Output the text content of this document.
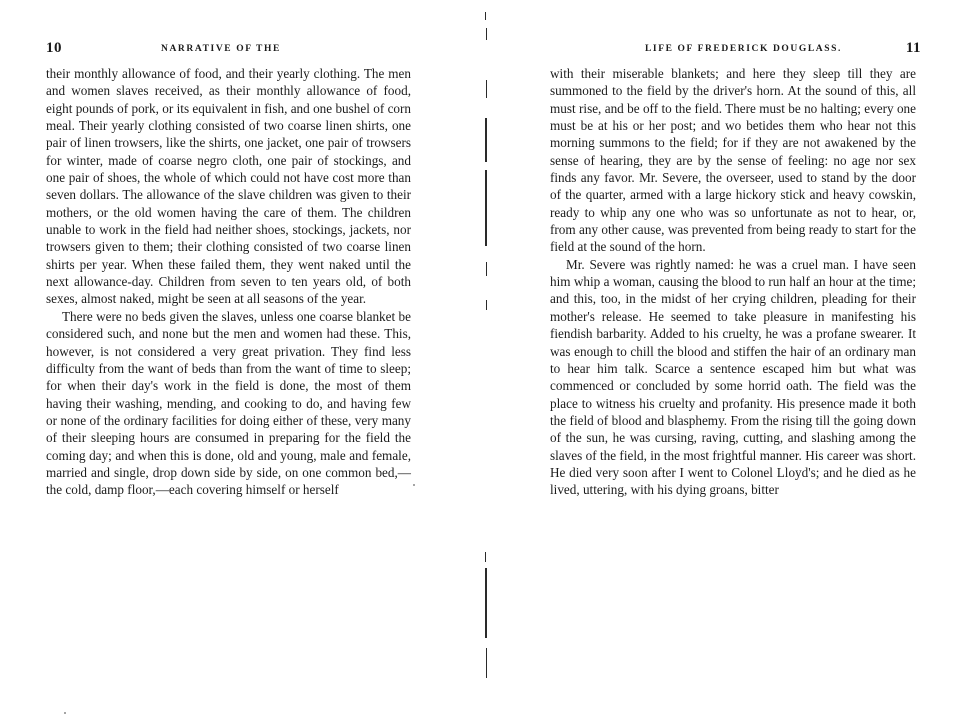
10	NARRATIVE OF THE

their monthly allowance of food, and their yearly clothing. The men and women slaves received, as their monthly allowance of food, eight pounds of pork, or its equivalent in fish, and one bushel of corn meal. Their yearly clothing consisted of two coarse linen shirts, one pair of linen trowsers, like the shirts, one jacket, one pair of trowsers for winter, made of coarse negro cloth, one pair of stockings, and one pair of shoes, the whole of which could not have cost more than seven dollars. The allowance of the slave children was given to their mothers, or the old women having the care of them. The children unable to work in the field had neither shoes, stockings, jackets, nor trowsers given to them; their clothing consisted of two coarse linen shirts per year. When these failed them, they went naked until the next allowance-day. Children from seven to ten years old, of both sexes, almost naked, might be seen at all seasons of the year.

There were no beds given the slaves, unless one coarse blanket be considered such, and none but the men and women had these. This, however, is not considered a very great privation. They find less difficulty from the want of beds than from the want of time to sleep; for when their day's work in the field is done, the most of them having their washing, mending, and cooking to do, and having few or none of the ordinary facilities for doing either of these, very many of their sleeping hours are consumed in preparing for the field the coming day; and when this is done, old and young, male and female, married and single, drop down side by side, on one common bed,— the cold, damp floor,—each covering himself or herself

LIFE OF FREDERICK DOUGLASS.	11

with their miserable blankets; and here they sleep till they are summoned to the field by the driver's horn. At the sound of this, all must rise, and be off to the field. There must be no halting; every one must be at his or her post; and wo betides them who hear not this morning summons to the field; for if they are not awakened by the sense of hearing, they are by the sense of feeling: no age nor sex finds any favor. Mr. Severe, the overseer, used to stand by the door of the quarter, armed with a large hickory stick and heavy cowskin, ready to whip any one who was so unfortunate as not to hear, or, from any other cause, was prevented from being ready to start for the field at the sound of the horn.

Mr. Severe was rightly named: he was a cruel man. I have seen him whip a woman, causing the blood to run half an hour at the time; and this, too, in the midst of her crying children, pleading for their mother's release. He seemed to take pleasure in manifesting his fiendish barbarity. Added to his cruelty, he was a profane swearer. It was enough to chill the blood and stiffen the hair of an ordinary man to hear him talk. Scarce a sentence escaped him but what was commenced or concluded by some horrid oath. The field was the place to witness his cruelty and profanity. His presence made it both the field of blood and blasphemy. From the rising till the going down of the sun, he was cursing, raving, cutting, and slashing among the slaves of the field, in the most frightful manner. His career was short. He died very soon after I went to Colonel Lloyd's; and he died as he lived, uttering, with his dying groans, bitter
